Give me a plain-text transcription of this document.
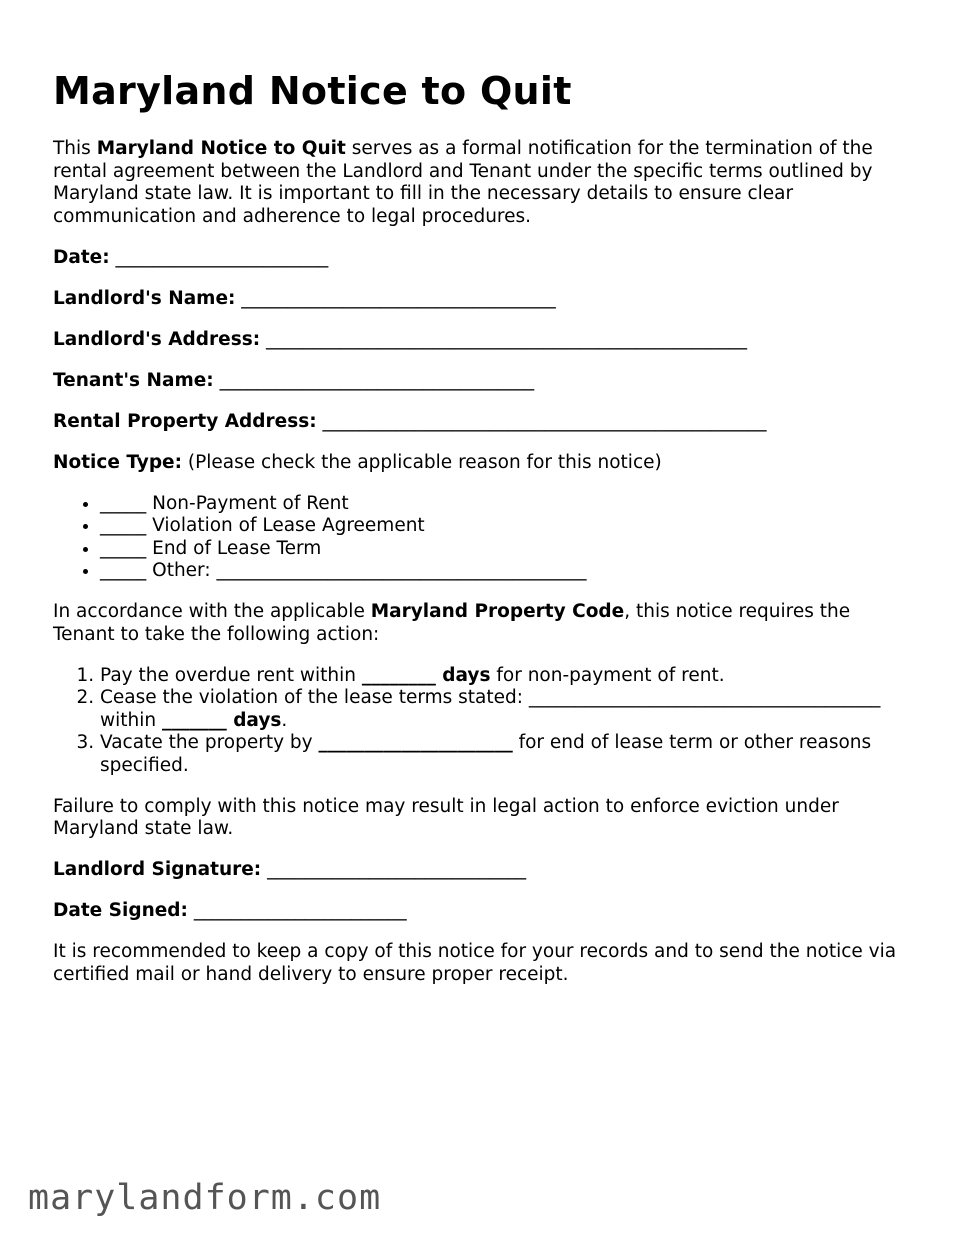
Maryland Notice to Quit

This Maryland Notice to Quit serves as a formal notification for the termination of the rental agreement between the Landlord and Tenant under the specific terms outlined by Maryland state law. It is important to fill in the necessary details to ensure clear communication and adherence to legal procedures.

Date: _______________________

Landlord's Name: __________________________________

Landlord's Address: ____________________________________________________

Tenant's Name: __________________________________

Rental Property Address: ________________________________________________

Notice Type: (Please check the applicable reason for this notice)

• _____ Non-Payment of Rent
• _____ Violation of Lease Agreement
• _____ End of Lease Term
• _____ Other: ________________________________________

In accordance with the applicable Maryland Property Code, this notice requires the Tenant to take the following action:

1. Pay the overdue rent within ________ days for non-payment of rent.
2. Cease the violation of the lease terms stated: ______________________________________ within _______ days.
3. Vacate the property by _____________________ for end of lease term or other reasons specified.

Failure to comply with this notice may result in legal action to enforce eviction under Maryland state law.

Landlord Signature: ____________________________

Date Signed: _______________________

It is recommended to keep a copy of this notice for your records and to send the notice via certified mail or hand delivery to ensure proper receipt.

marylandform.com
